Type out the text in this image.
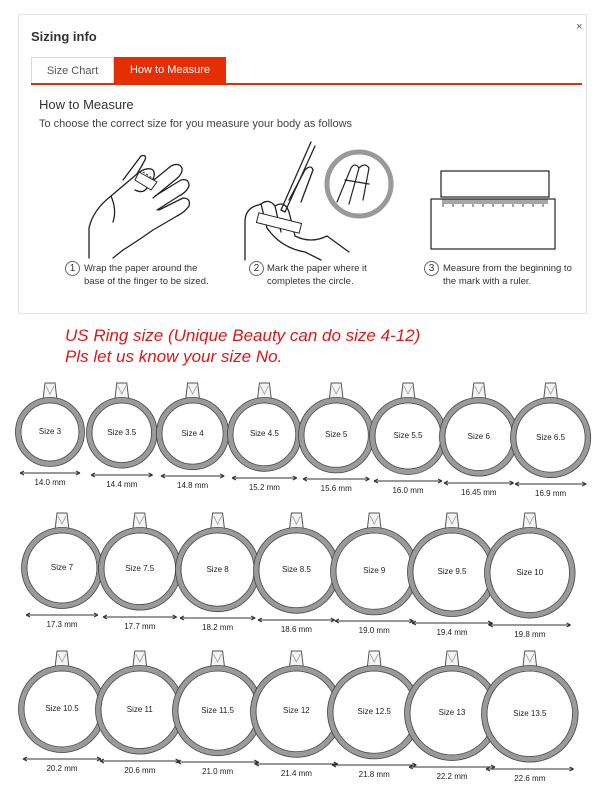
Sizing info
Size Chart	How to Measure
How to Measure
To choose the correct size for you measure your body as follows
1 Wrap the paper around the
base of the finger to be sized.
2 Mark the paper where it
completes the circle.
3 Measure from the beginning to
the mark with a ruler.
×
US Ring size (Unique Beauty can do size 4-12)
Pls let us know your size No.
Size 3
14.0 mm
Size 3.5
14.4 mm
Size 4
14.8 mm
Size 4.5
15.2 mm
Size 5
15.6 mm
Size 5.5
16.0 mm
Size 6
16.45 mm
Size 6.5
16.9 mm
Size 7
17.3 mm
Size 7.5
17.7 mm
Size 8
18.2 mm
Size 8.5
18.6 mm
Size 9
19.0 mm
Size 9.5
19.4 mm
Size 10
19.8 mm
Size 10.5
20.2 mm
Size 11
20.6 mm
Size 11.5
21.0 mm
Size 12
21.4 mm
Size 12.5
21.8 mm
Size 13
22.2 mm
Size 13.5
22.6 mm
